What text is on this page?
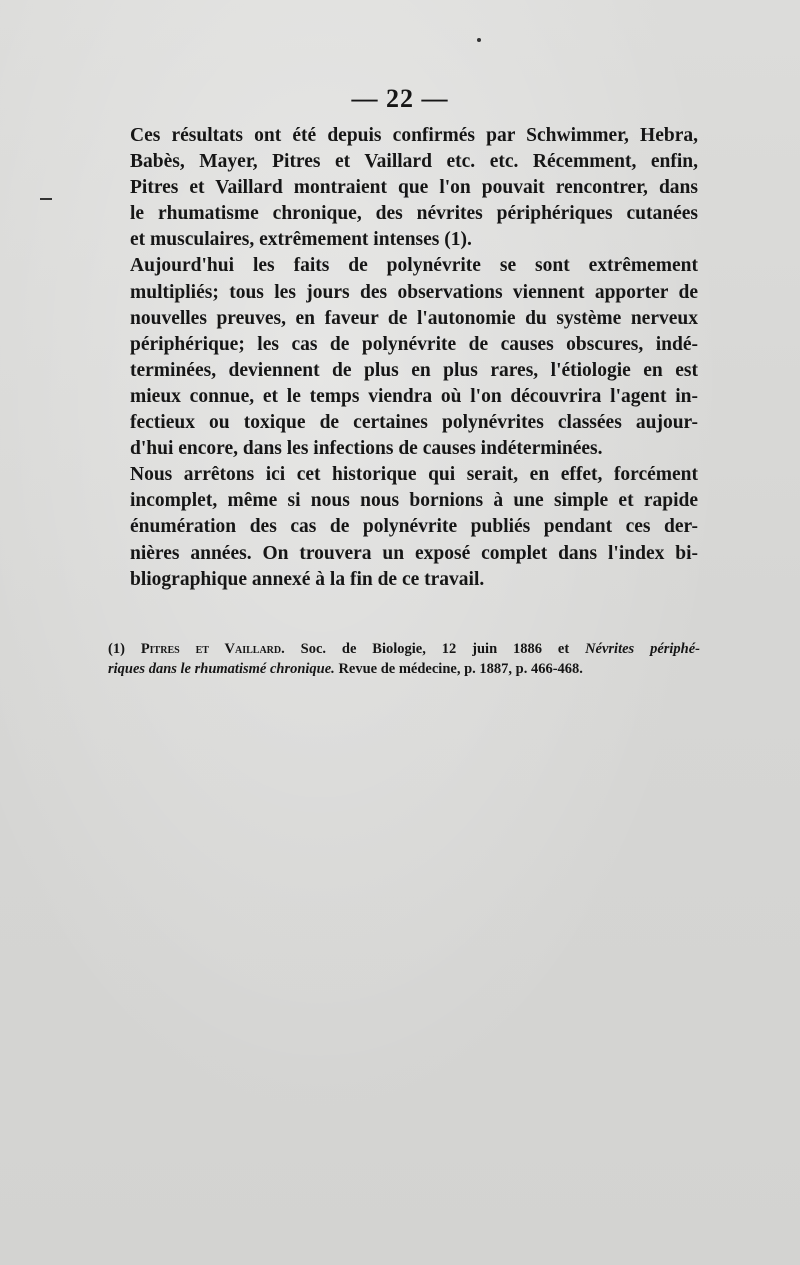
— 22 —

Ces résultats ont été depuis confirmés par Schwimmer, Hebra,
Babès, Mayer, Pitres et Vaillard etc. etc. Récemment, enfin,
Pitres et Vaillard montraient que l'on pouvait rencontrer, dans
le rhumatisme chronique, des névrites périphériques cutanées
et musculaires, extrêmement intenses (1).

Aujourd'hui les faits de polynévrite se sont extrêmement
multipliés; tous les jours des observations viennent apporter de
nouvelles preuves, en faveur de l'autonomie du système nerveux
périphérique; les cas de polynévrite de causes obscures, indé-
terminées, deviennent de plus en plus rares, l'étiologie en est
mieux connue, et le temps viendra où l'on découvrira l'agent in-
fectieux ou toxique de certaines polynévrites classées aujour-
d'hui encore, dans les infections de causes indéterminées.

Nous arrêtons ici cet historique qui serait, en effet, forcément
incomplet, même si nous nous bornions à une simple et rapide
énumération des cas de polynévrite publiés pendant ces der-
nières années. On trouvera un exposé complet dans l'index bi-
bliographique annexé à la fin de ce travail.

(1) Pitres et Vaillard. Soc. de Biologie, 12 juin 1886 et Névrites périphé-
riques dans le rhumatismé chronique. Revue de médecine, p. 1887, p. 466-468.
